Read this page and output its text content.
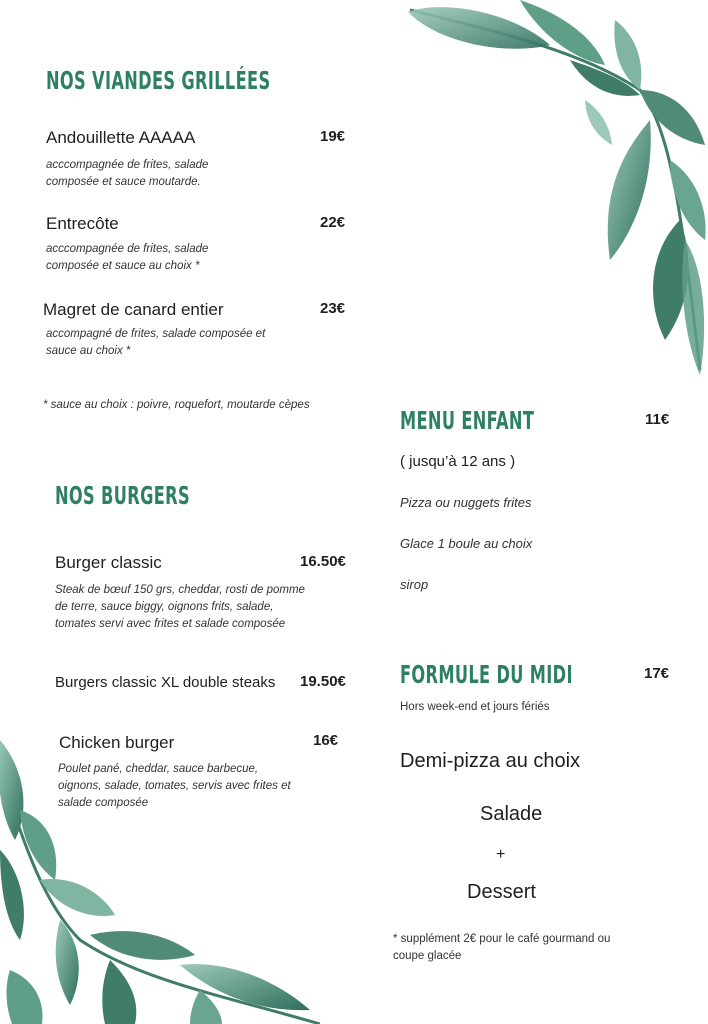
NOS VIANDES GRILLÉES
Andouillette AAAAA	19€

acccompagnée de frites, salade composée et sauce moutarde.

Entrecôte	22€

acccompagnée de frites, salade composée et sauce au choix *

Magret de canard entier	23€

accompagné de frites, salade composée et sauce au choix *

* sauce au choix : poivre, roquefort, moutarde cèpes

NOS BURGERS
Burger classic	16.50€

Steak de bœuf 150 grs, cheddar, rosti de pomme de terre, sauce biggy, oignons frits, salade, tomates servi avec frites et salade composée

Burgers classic XL double steaks 19.50€
Chicken burger	16€

Poulet pané, cheddar, sauce barbecue, oignons, salade, tomates, servis avec frites et salade composée

MENU ENFANT	11€
( jusqu’à 12 ans )
Pizza ou nuggets frites
Glace 1 boule au choix
sirop
FORMULE DU MIDI	17€
Hors week-end et jours fériés
Demi-pizza au choix
Salade
+
Dessert

* supplément 2€ pour le café gourmand ou coupe glacée
